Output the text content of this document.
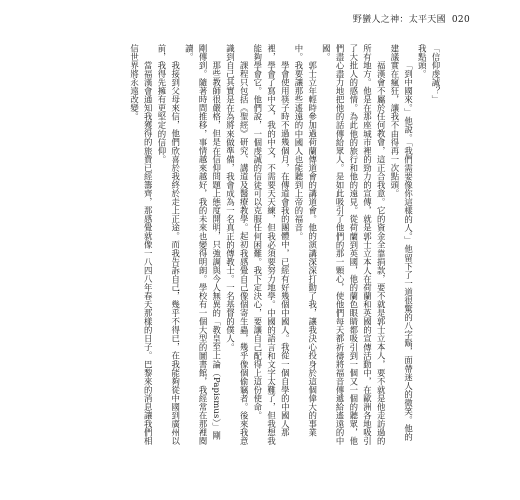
野蠻人之神：太平天國 020

「信仰虔誠？」

我點頭。

「到中國來。」他說。「我們需要像你這樣的人。」他留下了一道很驚的八字鬍，面帶迷人的微笑。他的建議實在瘋狂，讓我不由得再一次點頭。

福漢會不屬於任何教會，這正合我意。它的資金全靠捐款，要不就是郭士立本人，要不就是他走訪過的所有地方。他是在那座城市裡的勁力的宣傳，就是郭士立本人在荷蘭和英國的宣傳活動中，在歐洲各地吸引了大批人的感情。為此他的旅行和他的遠見。從荷蘭到英國，他的蘭色眼睛都吸引到一個又一個的聽眾，他們盡心盡力地把他的話傳給眾人。是如此吸引了他們的那一顆心，使他們每天都祈禱將福音傳遞給遙遠的中國。

郭士立年輕時參加過荷蘭傳道會的講道會。他的演講深深打動了我，讓我決心投身於這個偉大的事業中。我要讓那些遙遠的中國人也能聽到上帝的福音。

學會使用筷子時不過幾個月，在傳道會我的團體中，已經有好幾個中國人。我從一個自學的中國人那裡，學會了寫中文，我的中文，不需要天天練，但我必須要努力地學。中國的語言和文字太難了，但我想我能夠學會它。他們說，一個虔誠的信徒可以克服任何困難。我下定決心，要讓自己配得上這份使命。

課程只包括《聖經》研究、講道及醫療教學。起初我感覺自己像個寄生蟲，幾乎像個偷竊者。後來我意識到自己其實是在為將來做準備，我會成為一名真正的傳教士。一名基督的僕人。

那些教師很嚴格，但是在信仰問題上態度開明，只強調與今人無異的「教皇至上論（Papismus）」剛剛傳到。隨著時間推移，事情越來越好，我的未來也變得明朗。學校有一個大型的圖書館，我經常在那裡閱讀。

我接到父母來信，他們欣喜於我終於走上正途。而我告訴自己，幾乎不得已，在我能夠從中國到廣州以前，我得先擁有更堅定的信仰。

當福漢會通知我獲得的旅費已經籌齊，那感覺就像一八四八年春天那樣的日子。巴黎來的消息讓我們相信世界將永遠改變。
